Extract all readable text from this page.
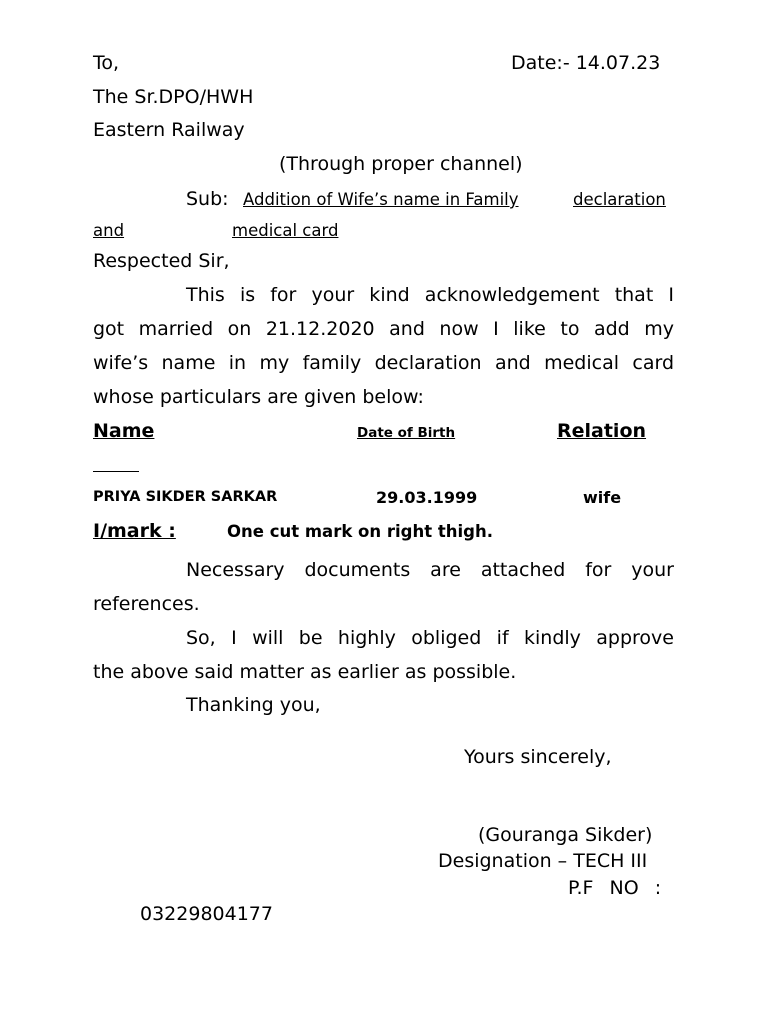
To,	Date:- 14.07.23
The Sr.DPO/HWH
Eastern Railway
(Through proper channel)
Sub: Addition of Wife’s name in Family	declaration
and	medical card
Respected Sir,
This is for your kind acknowledgement that I
got married on 21.12.2020 and now I like to add my
wife’s name in my family declaration and medical card
whose particulars are given below:
Name	Date of Birth	Relation
PRIYA SIKDER SARKAR	29.03.1999	wife
I/mark :	One cut mark on right thigh.
Necessary documents are attached for your
references.
So, I will be highly obliged if kindly approve
the above said matter as earlier as possible.
Thanking you,
Yours sincerely,
(Gouranga Sikder)
Designation – TECH III
P.F NO :
03229804177
